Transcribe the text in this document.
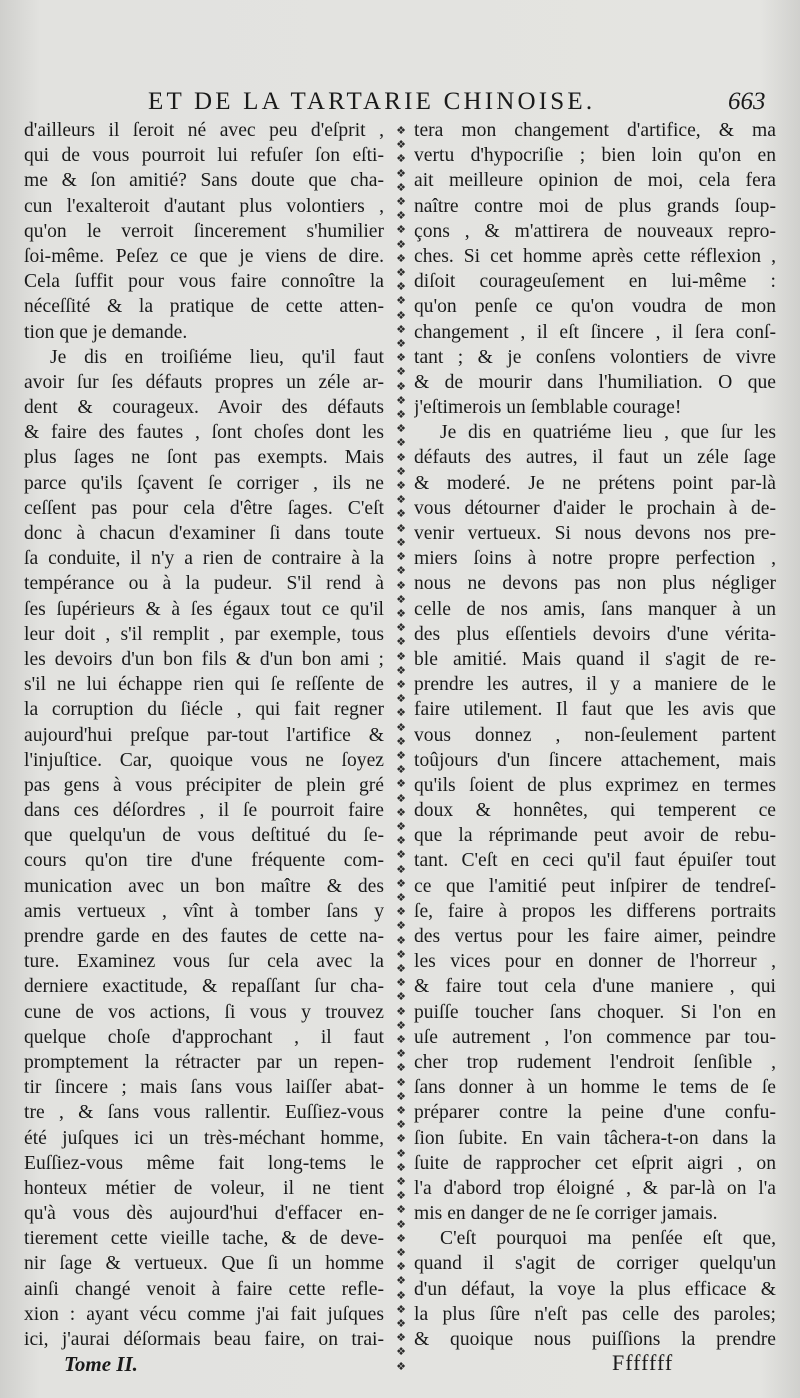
ET DE LA TARTARIE CHINOISE.	663
d'ailleurs il ſeroit né avec peu d'eſprit ,
qui de vous pourroit lui refuſer ſon eſti-
me & ſon amitié? Sans doute que cha-
cun l'exalteroit d'autant plus volontiers ,
qu'on le verroit ſincerement s'humilier
ſoi-même. Peſez ce que je viens de dire.
Cela ſuffit pour vous faire connoître la
néceſſité & la pratique de cette atten-
tion que je demande.
Je dis en troiſiéme lieu, qu'il faut
avoir ſur ſes défauts propres un zéle ar-
dent & courageux. Avoir des défauts
& faire des fautes , ſont choſes dont les
plus ſages ne ſont pas exempts. Mais
parce qu'ils ſçavent ſe corriger , ils ne
ceſſent pas pour cela d'être ſages. C'eſt
donc à chacun d'examiner ſi dans toute
ſa conduite, il n'y a rien de contraire à la
tempérance ou à la pudeur. S'il rend à
ſes ſupérieurs & à ſes égaux tout ce qu'il
leur doit , s'il remplit , par exemple, tous
les devoirs d'un bon fils & d'un bon ami ;
s'il ne lui échappe rien qui ſe reſſente de
la corruption du ſiécle , qui fait regner
aujourd'hui preſque par-tout l'artifice &
l'injuſtice. Car, quoique vous ne ſoyez
pas gens à vous précipiter de plein gré
dans ces déſordres , il ſe pourroit faire
que quelqu'un de vous deſtitué du ſe-
cours qu'on tire d'une fréquente com-
munication avec un bon maître & des
amis vertueux , vînt à tomber ſans y
prendre garde en des fautes de cette na-
ture. Examinez vous ſur cela avec la
derniere exactitude, & repaſſant ſur cha-
cune de vos actions, ſi vous y trouvez
quelque choſe d'approchant , il faut
promptement la rétracter par un repen-
tir ſincere ; mais ſans vous laiſſer abat-
tre , & ſans vous rallentir. Euſſiez-vous
été juſques ici un très-méchant homme,
Euſſiez-vous même fait long-tems le
honteux métier de voleur, il ne tient
qu'à vous dès aujourd'hui d'effacer en-
tierement cette vieille tache, & de deve-
nir ſage & vertueux. Que ſi un homme
ainſi changé venoit à faire cette refle-
xion : ayant vécu comme j'ai fait juſques
ici, j'aurai déſormais beau faire, on trai-
❖
❖
❖
❖
❖
❖
❖
❖
❖
❖
❖
❖
❖
❖
❖
❖
❖
❖
❖
❖
❖
❖
❖
❖
❖
❖
❖
❖
❖
❖
❖
❖
❖
❖
❖
❖
❖
❖
❖
❖
❖
❖
❖
❖
❖
❖
❖
❖
❖
❖
❖
❖
❖
❖
❖
❖
❖
❖
❖
❖
❖
❖
❖
❖
❖
❖
❖
❖
❖
❖
❖
❖
❖
❖
❖
❖
❖
❖
❖
❖
❖
❖
❖
❖
❖
❖
❖
❖

tera mon changement d'artifice, & ma
vertu d'hypocriſie ; bien loin qu'on en
ait meilleure opinion de moi, cela fera
naître contre moi de plus grands ſoup-
çons , & m'attirera de nouveaux repro-
ches. Si cet homme après cette réflexion ,
diſoit courageuſement en lui-même :
qu'on penſe ce qu'on voudra de mon
changement , il eſt ſincere , il ſera conſ-
tant ; & je conſens volontiers de vivre
& de mourir dans l'humiliation. O que
j'eſtimerois un ſemblable courage!
Je dis en quatriéme lieu , que ſur les
défauts des autres, il faut un zéle ſage
& moderé. Je ne prétens point par-là
vous détourner d'aider le prochain à de-
venir vertueux. Si nous devons nos pre-
miers ſoins à notre propre perfection ,
nous ne devons pas non plus négliger
celle de nos amis, ſans manquer à un
des plus eſſentiels devoirs d'une vérita-
ble amitié. Mais quand il s'agit de re-
prendre les autres, il y a maniere de le
faire utilement. Il faut que les avis que
vous donnez , non-ſeulement partent
toûjours d'un ſincere attachement, mais
qu'ils ſoient de plus exprimez en termes
doux & honnêtes, qui temperent ce
que la réprimande peut avoir de rebu-
tant. C'eſt en ceci qu'il faut épuiſer tout
ce que l'amitié peut inſpirer de tendreſ-
ſe, faire à propos les differens portraits
des vertus pour les faire aimer, peindre
les vices pour en donner de l'horreur ,
& faire tout cela d'une maniere , qui
puiſſe toucher ſans choquer. Si l'on en
uſe autrement , l'on commence par tou-
cher trop rudement l'endroit ſenſible ,
ſans donner à un homme le tems de ſe
préparer contre la peine d'une confu-
ſion ſubite. En vain tâchera-t-on dans la
ſuite de rapprocher cet eſprit aigri , on
l'a d'abord trop éloigné , & par-là on l'a
mis en danger de ne ſe corriger jamais.
C'eſt pourquoi ma penſée eſt que,
quand il s'agit de corriger quelqu'un
d'un défaut, la voye la plus efficace &
la plus ſûre n'eſt pas celle des paroles;
& quoique nous puiſſions la prendre
Tome II.	Fffffff
